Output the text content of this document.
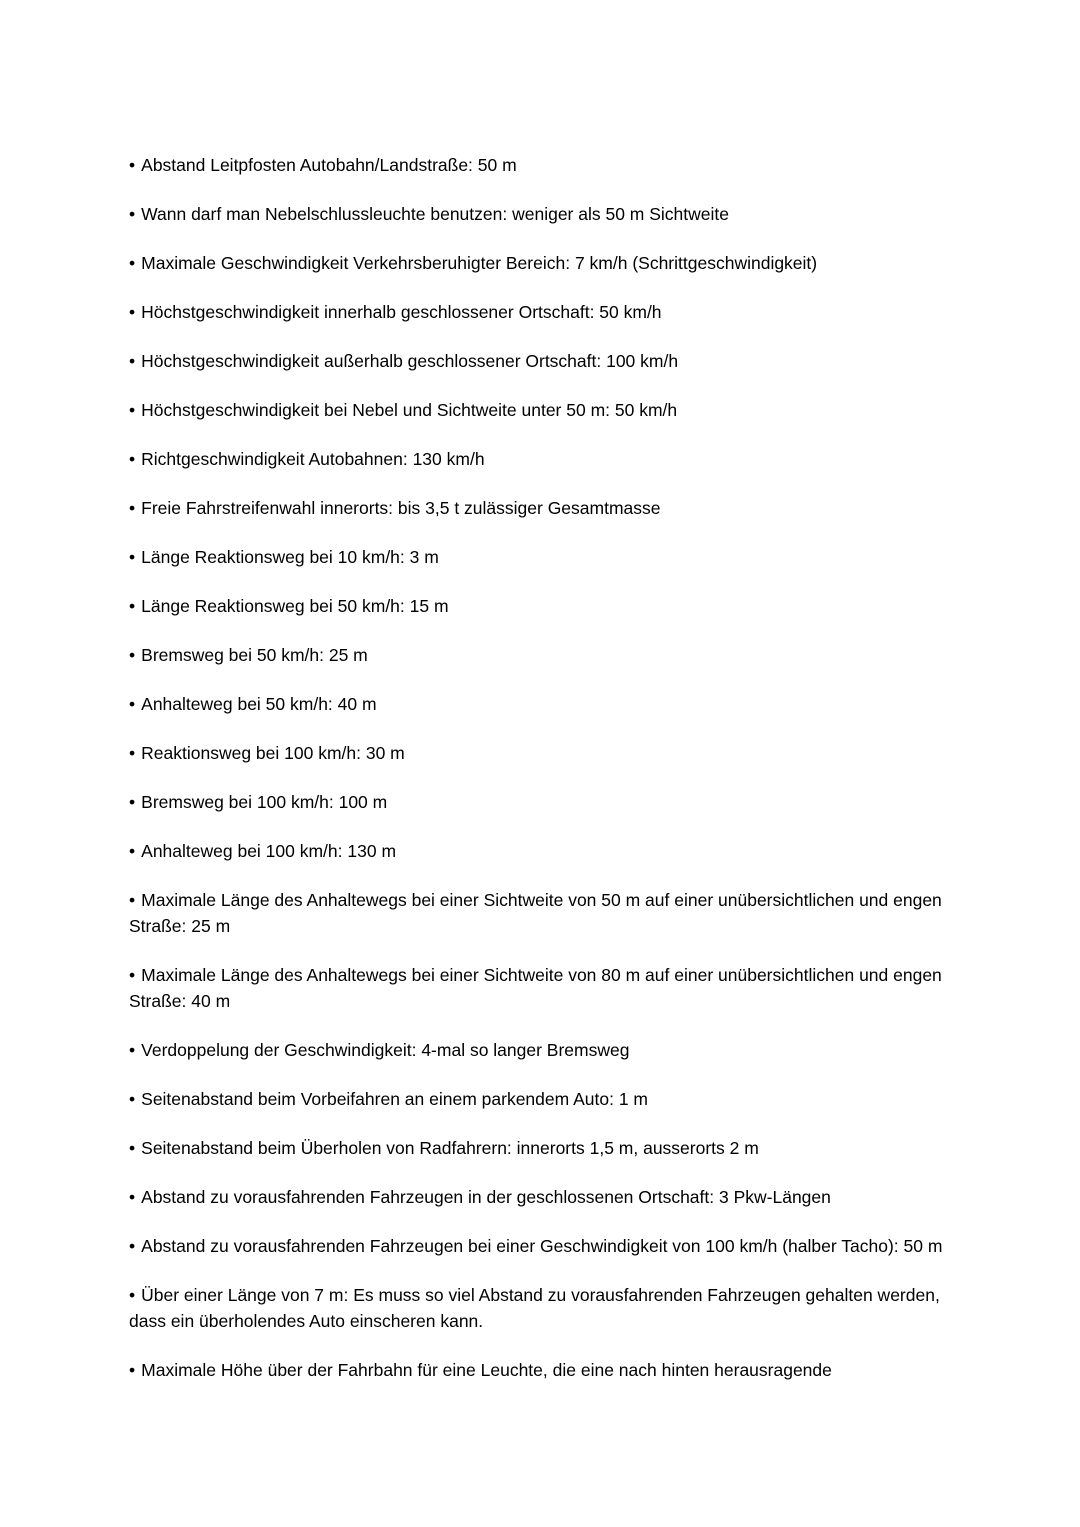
• Abstand Leitpfosten Autobahn/Landstraße: 50 m
• Wann darf man Nebelschlussleuchte benutzen: weniger als 50 m Sichtweite
• Maximale Geschwindigkeit Verkehrsberuhigter Bereich: 7 km/h (Schrittgeschwindigkeit)
• Höchstgeschwindigkeit innerhalb geschlossener Ortschaft: 50 km/h
• Höchstgeschwindigkeit außerhalb geschlossener Ortschaft: 100 km/h
• Höchstgeschwindigkeit bei Nebel und Sichtweite unter 50 m: 50 km/h
• Richtgeschwindigkeit Autobahnen: 130 km/h
• Freie Fahrstreifenwahl innerorts: bis 3,5 t zulässiger Gesamtmasse
• Länge Reaktionsweg bei 10 km/h: 3 m
• Länge Reaktionsweg bei 50 km/h: 15 m
• Bremsweg bei 50 km/h: 25 m
• Anhalteweg bei 50 km/h: 40 m
• Reaktionsweg bei 100 km/h: 30 m
• Bremsweg bei 100 km/h: 100 m
• Anhalteweg bei 100 km/h: 130 m
• Maximale Länge des Anhaltewegs bei einer Sichtweite von 50 m auf einer unübersichtlichen und engen Straße: 25 m
• Maximale Länge des Anhaltewegs bei einer Sichtweite von 80 m auf einer unübersichtlichen und engen Straße: 40 m
• Verdoppelung der Geschwindigkeit: 4-mal so langer Bremsweg
• Seitenabstand beim Vorbeifahren an einem parkendem Auto: 1 m
• Seitenabstand beim Überholen von Radfahrern: innerorts 1,5 m, ausserorts 2 m
• Abstand zu vorausfahrenden Fahrzeugen in der geschlossenen Ortschaft: 3 Pkw-Längen
• Abstand zu vorausfahrenden Fahrzeugen bei einer Geschwindigkeit von 100 km/h (halber Tacho): 50 m
• Über einer Länge von 7 m: Es muss so viel Abstand zu vorausfahrenden Fahrzeugen gehalten werden, dass ein überholendes Auto einscheren kann.
• Maximale Höhe über der Fahrbahn für eine Leuchte, die eine nach hinten herausragende
